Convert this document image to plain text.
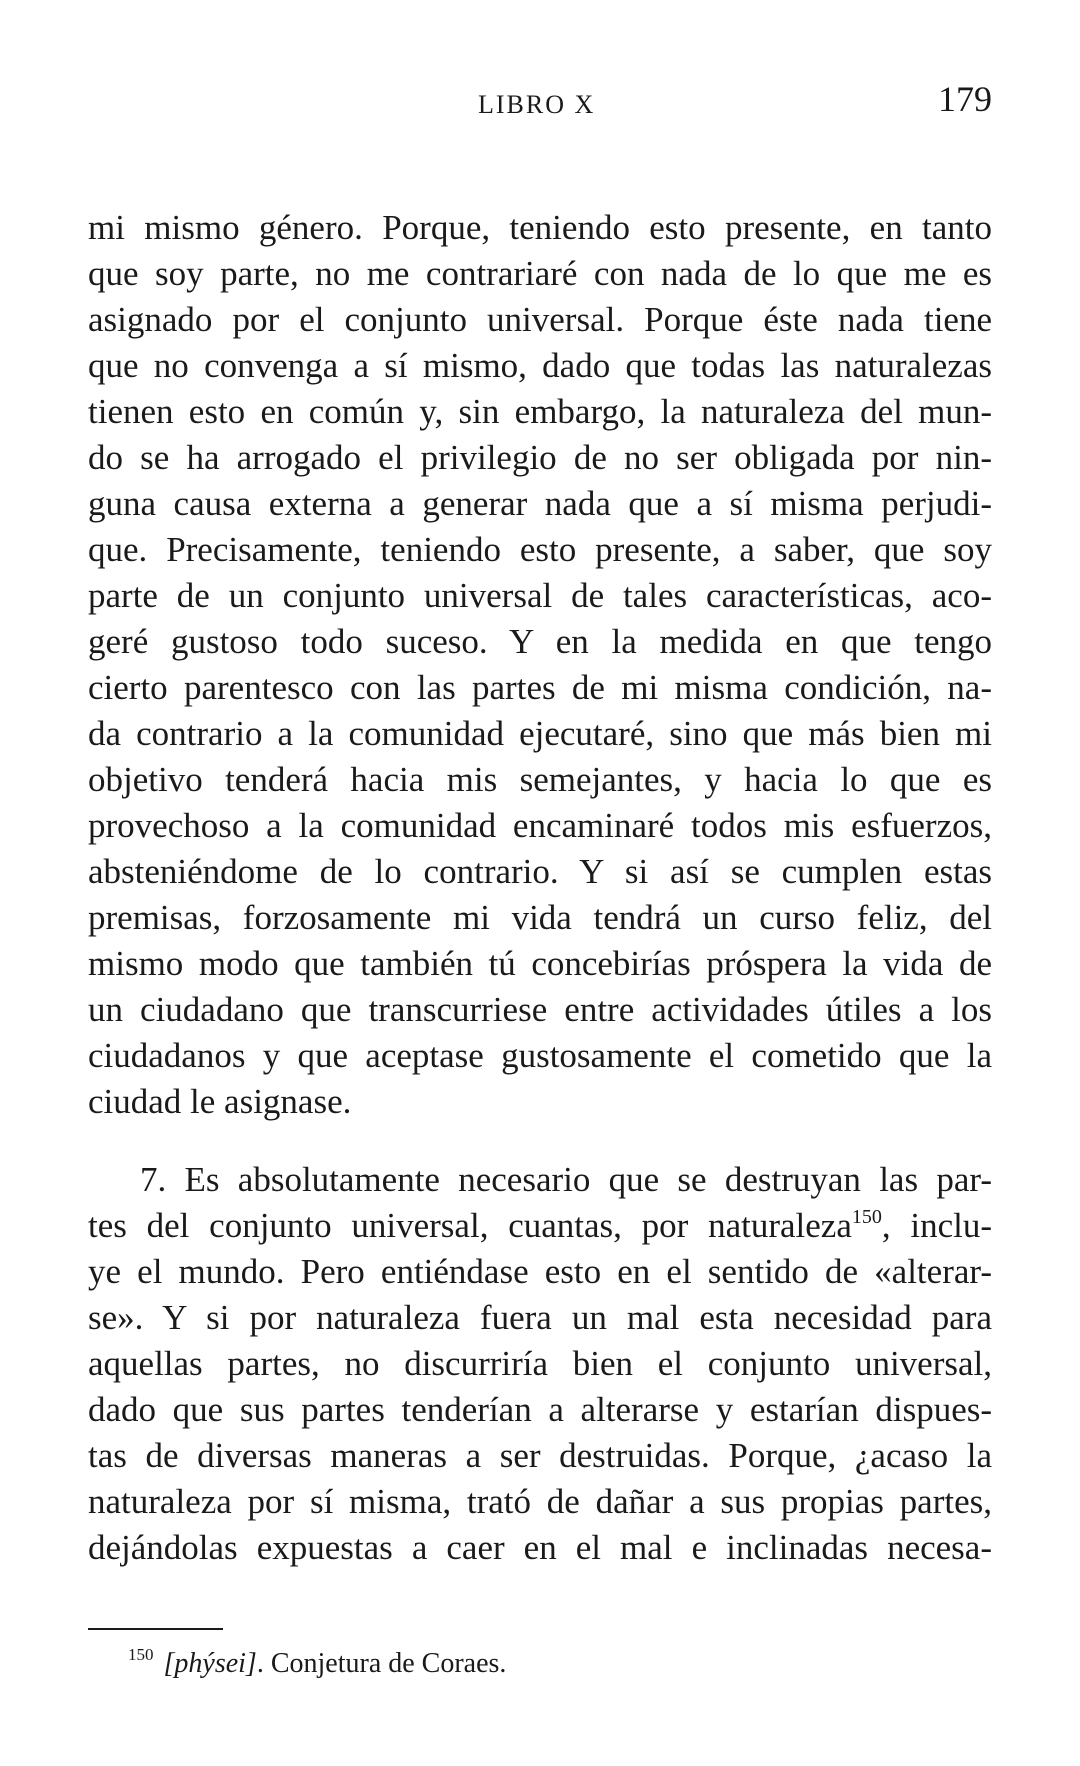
LIBRO X	179
mi mismo género. Porque, teniendo esto presente, en tanto
que soy parte, no me contrariaré con nada de lo que me es
asignado por el conjunto universal. Porque éste nada tiene
que no convenga a sí mismo, dado que todas las naturalezas
tienen esto en común y, sin embargo, la naturaleza del mun-
do se ha arrogado el privilegio de no ser obligada por nin-
guna causa externa a generar nada que a sí misma perjudi-
que. Precisamente, teniendo esto presente, a saber, que soy
parte de un conjunto universal de tales características, aco-
geré gustoso todo suceso. Y en la medida en que tengo
cierto parentesco con las partes de mi misma condición, na-
da contrario a la comunidad ejecutaré, sino que más bien mi
objetivo tenderá hacia mis semejantes, y hacia lo que es
provechoso a la comunidad encaminaré todos mis esfuerzos,
absteniéndome de lo contrario. Y si así se cumplen estas
premisas, forzosamente mi vida tendrá un curso feliz, del
mismo modo que también tú concebirías próspera la vida de
un ciudadano que transcurriese entre actividades útiles a los
ciudadanos y que aceptase gustosamente el cometido que la
ciudad le asignase.
7. Es absolutamente necesario que se destruyan las par-
tes del conjunto universal, cuantas, por naturaleza$^{150}$, inclu-
ye el mundo. Pero entiéndase esto en el sentido de «alterar-
se». Y si por naturaleza fuera un mal esta necesidad para
aquellas partes, no discurriría bien el conjunto universal,
dado que sus partes tenderían a alterarse y estarían dispues-
tas de diversas maneras a ser destruidas. Porque, ¿acaso la
naturaleza por sí misma, trató de dañar a sus propias partes,
dejándolas expuestas a caer en el mal e inclinadas necesa-
$^{150}$ [phýsei]. Conjetura de Coraes.
